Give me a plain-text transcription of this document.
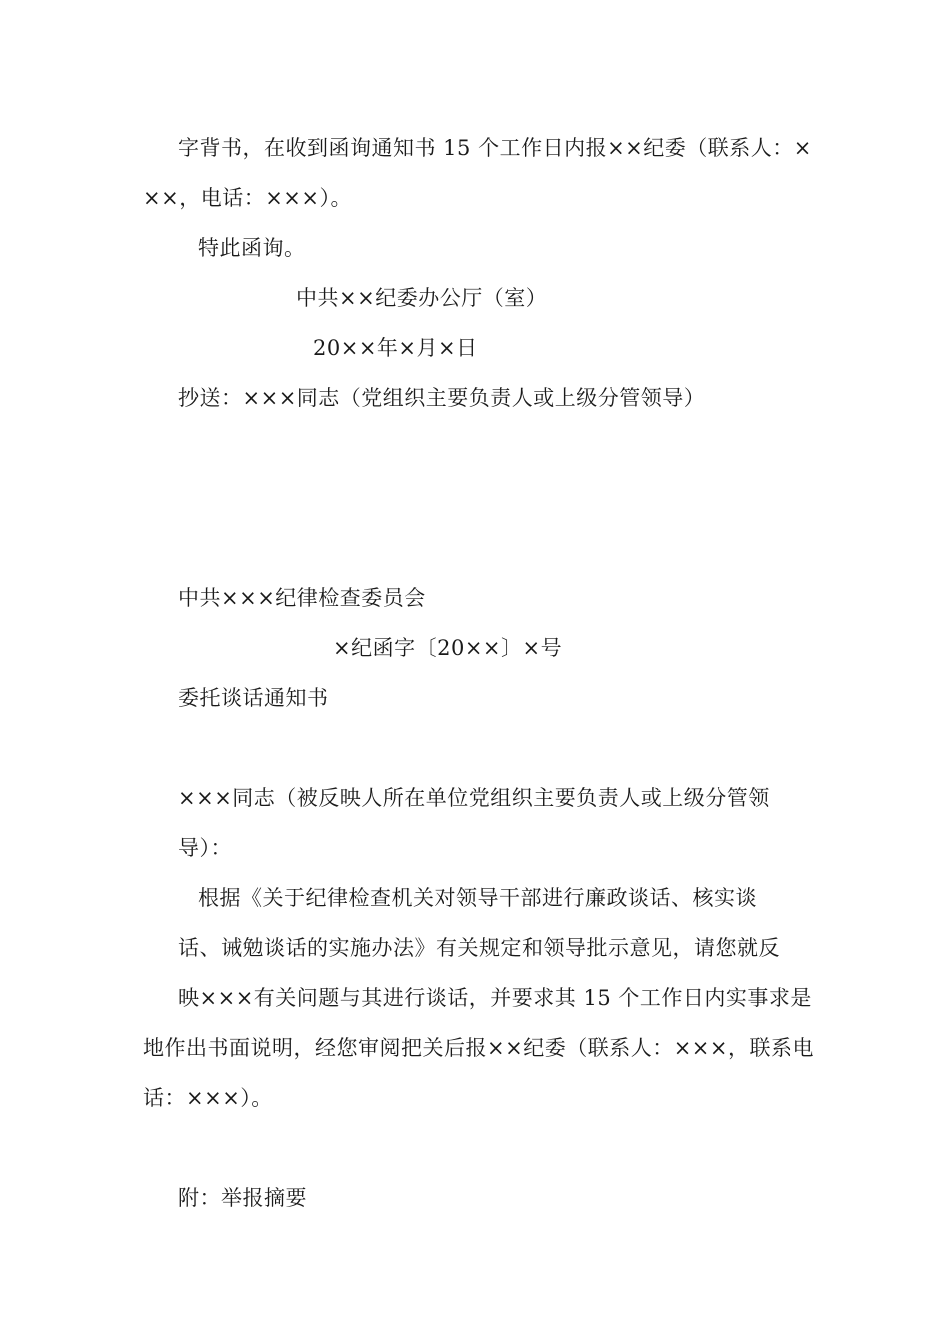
字背书，在收到函询通知书 15 个工作日内报××纪委（联系人：×
××，电话：×××）。
特此函询。
中共××纪委办公厅（室）
20××年×月×日
抄送：×××同志（党组织主要负责人或上级分管领导）
中共×××纪律检查委员会
×纪函字〔20××〕×号
委托谈话通知书
×××同志（被反映人所在单位党组织主要负责人或上级分管领
导）：
根据《关于纪律检查机关对领导干部进行廉政谈话、核实谈
话、诫勉谈话的实施办法》有关规定和领导批示意见，请您就反
映×××有关问题与其进行谈话，并要求其 15 个工作日内实事求是
地作出书面说明，经您审阅把关后报××纪委（联系人：×××，联系电
话：×××）。
附：举报摘要
